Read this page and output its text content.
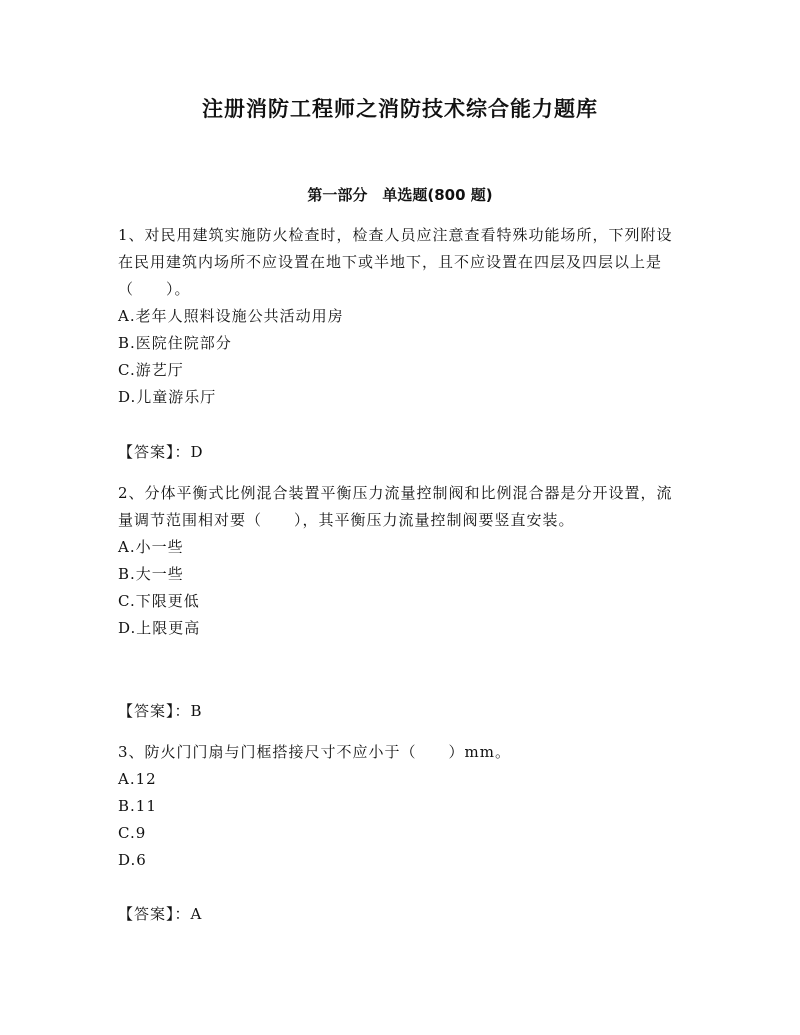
注册消防工程师之消防技术综合能力题库
第一部分　单选题(800 题)

1、对民用建筑实施防火检查时，检查人员应注意查看特殊功能场所，下列附设在民用建筑内场所不应设置在地下或半地下，且不应设置在四层及四层以上是（　　）。

A.老年人照料设施公共活动用房

B.医院住院部分

C.游艺厅

D.儿童游乐厅

【答案】：D

2、分体平衡式比例混合装置平衡压力流量控制阀和比例混合器是分开设置，流量调节范围相对要（　　），其平衡压力流量控制阀要竖直安装。

A.小一些

B.大一些

C.下限更低

D.上限更高

【答案】：B

3、防火门门扇与门框搭接尺寸不应小于（　　）mm。

A.12

B.11

C.9

D.6

【答案】：A
